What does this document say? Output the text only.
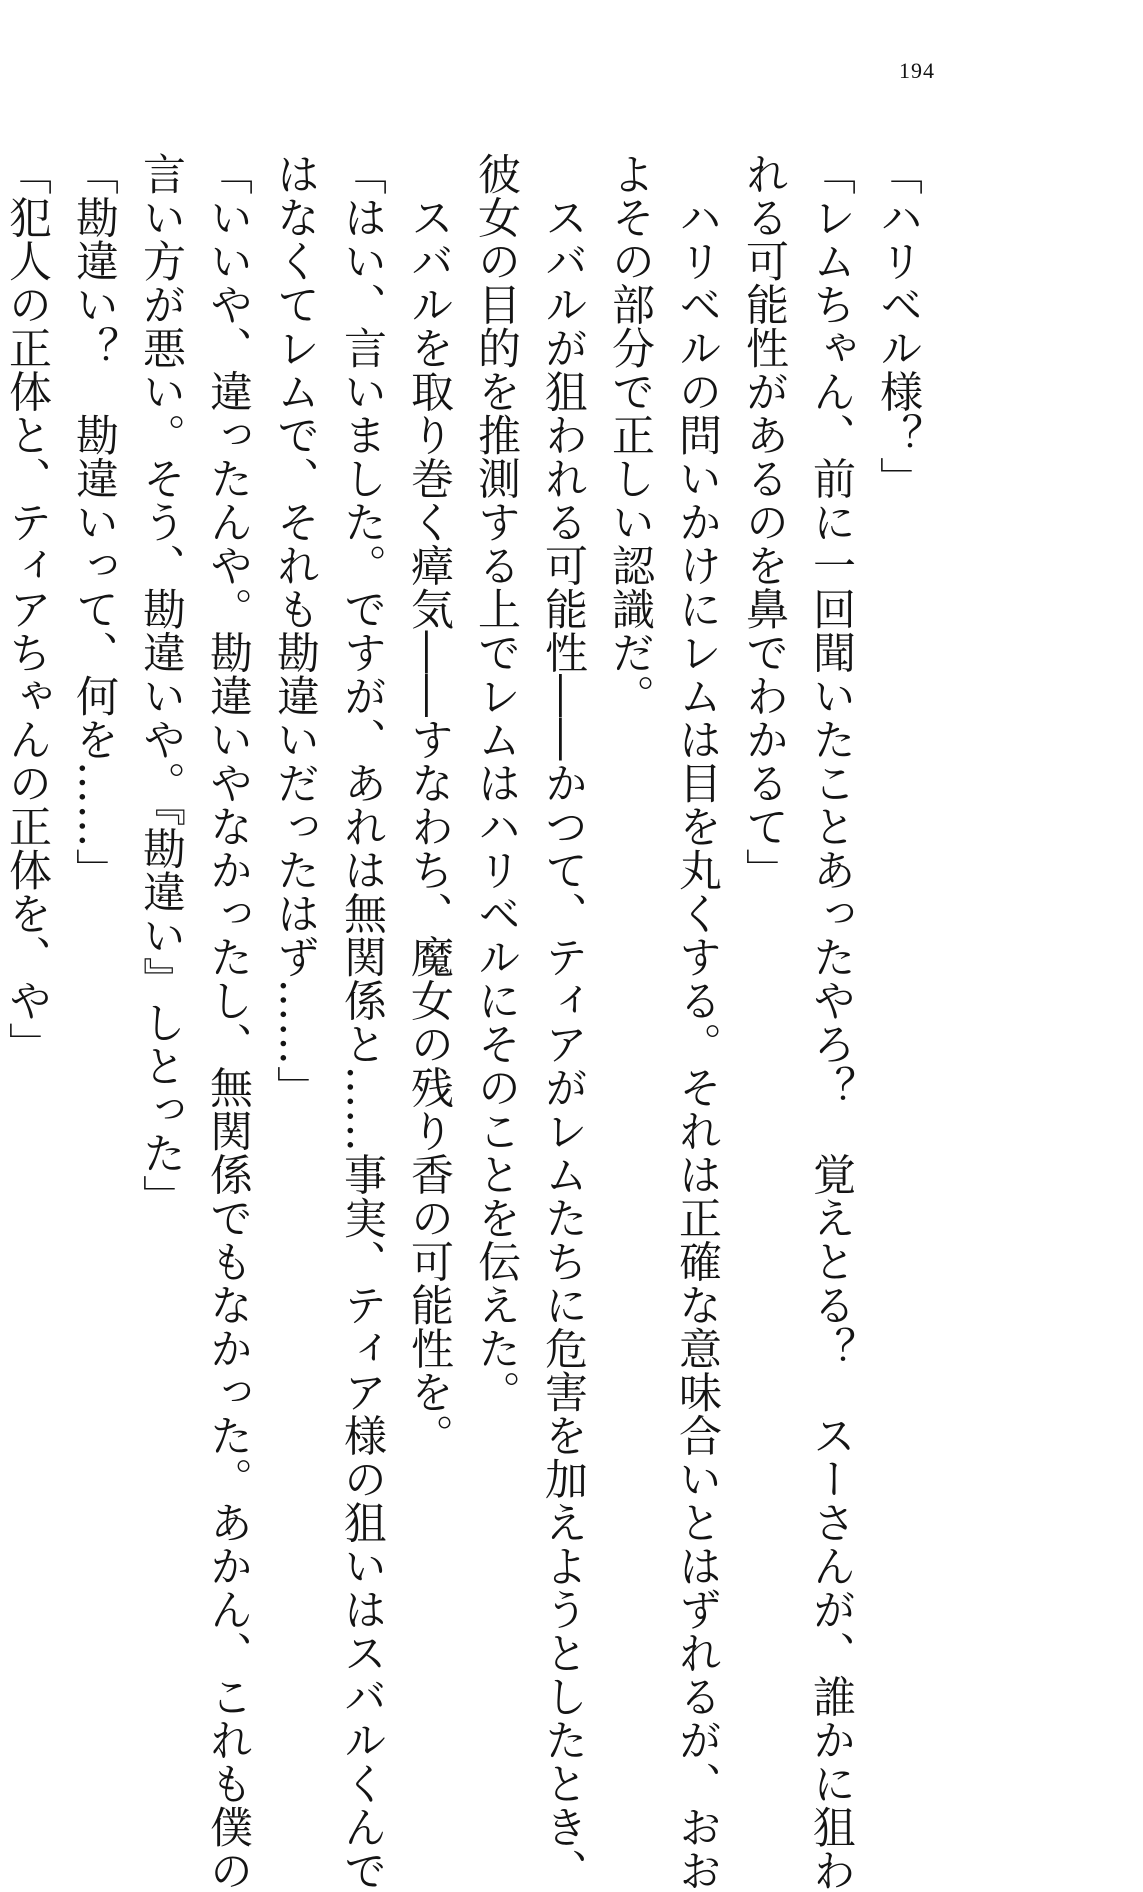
194

「ハリベル様？」

「レムちゃん、前に一回聞いたことあったやろ？　覚えとる？　スーさんが、誰かに狙わ

れる可能性があるのを鼻でわかるて」

　ハリベルの問いかけにレムは目を丸くする。それは正確な意味合いとはずれるが、おお

よその部分で正しい認識だ。

　スバルが狙われる可能性――かつて、ティアがレムたちに危害を加えようとしたとき、

彼女の目的を推測する上でレムはハリベルにそのことを伝えた。

　スバルを取り巻く瘴気――すなわち、魔女の残り香の可能性を。

「はい、言いました。ですが、あれは無関係と……事実、ティア様の狙いはスバルくんで

はなくてレムで、それも勘違いだったはず……」

「いいや、違ったんや。勘違いやなかったし、無関係でもなかった。あかん、これも僕の

言い方が悪い。そう、勘違いや。『勘違い』しとった」

「勘違い？　勘違いって、何を……」

「犯人の正体と、ティアちゃんの正体を、や」
